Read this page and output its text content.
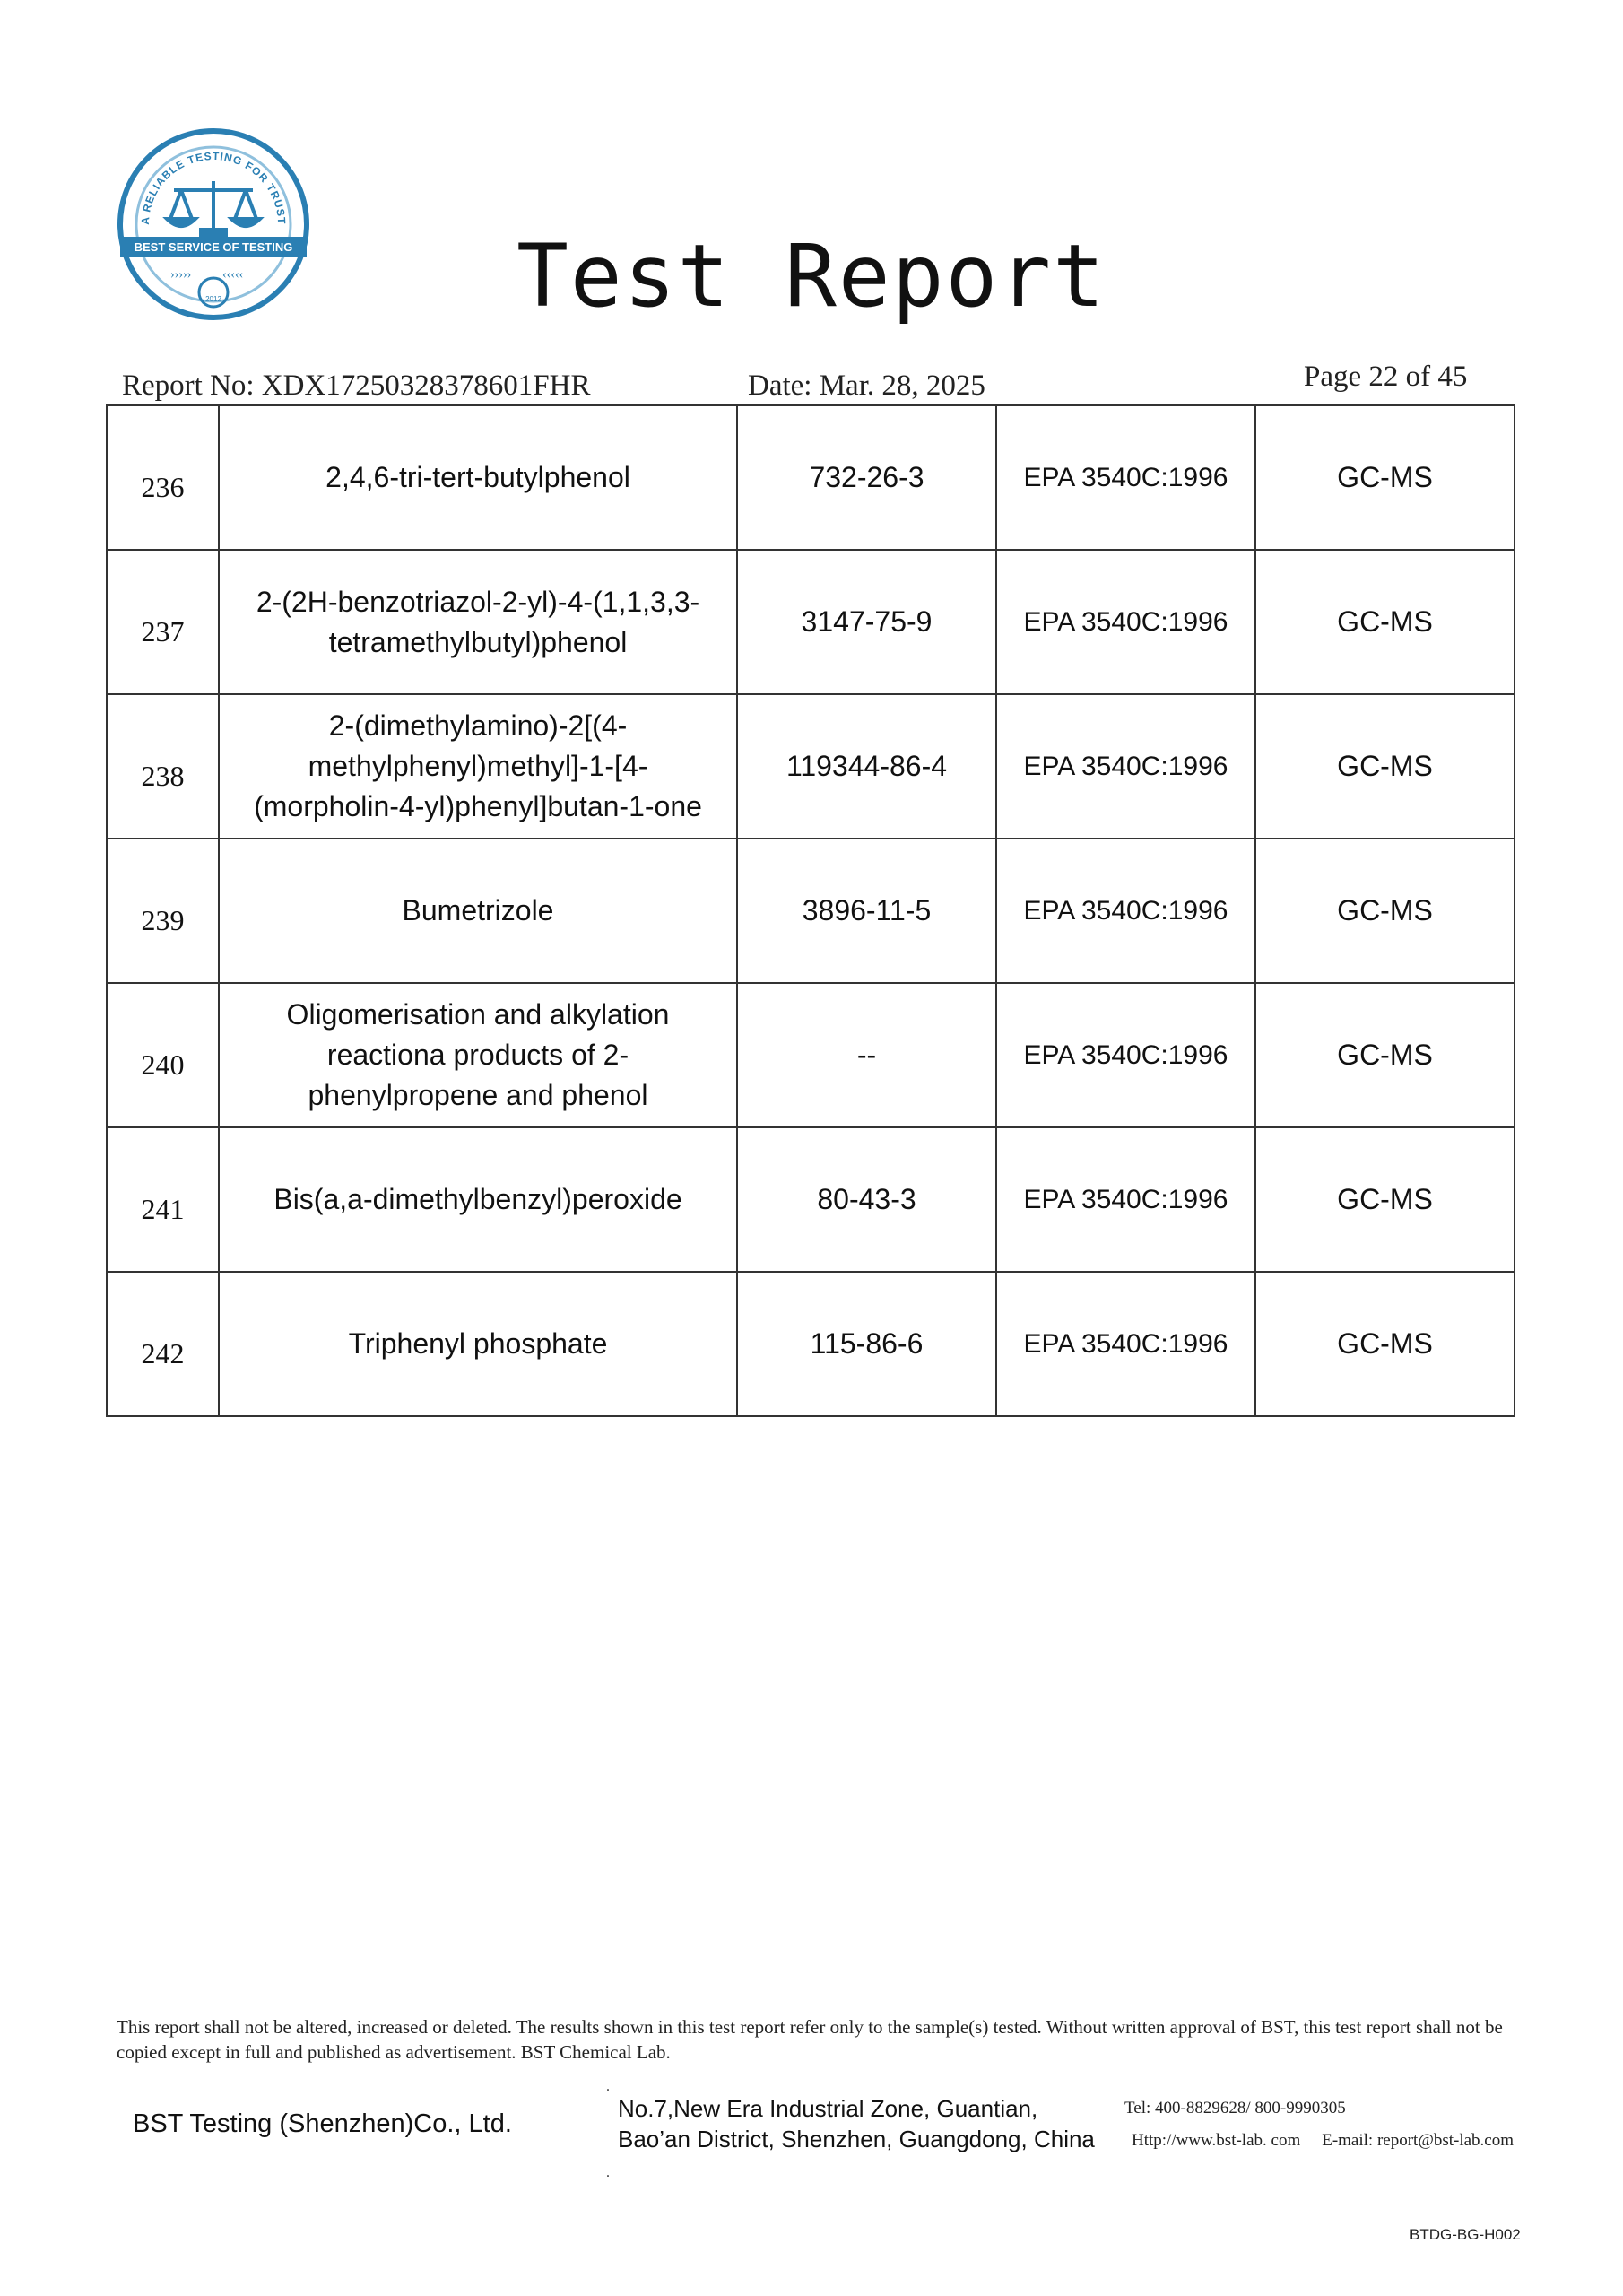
A RELIABLE TESTING FOR TRUST
BEST SERVICE OF TESTING
››››› ‹‹‹‹‹
2012	Test Report
Report No: XDX17250328378601FHR	Date: Mar. 28, 2025	Page 22 of 45
236	2,4,6-tri-tert-butylphenol	732-26-3	EPA 3540C:1996	GC-MS
237	2-(2H-benzotriazol-2-yl)-4-(1,1,3,3-
tetramethylbutyl)phenol	3147-75-9	EPA 3540C:1996	GC-MS
238	2-(dimethylamino)-2[(4-
methylphenyl)methyl]-1-[4-
(morpholin-4-yl)phenyl]butan-1-one	119344-86-4	EPA 3540C:1996	GC-MS
239	Bumetrizole	3896-11-5	EPA 3540C:1996	GC-MS
240	Oligomerisation and alkylation
reactiona products of 2-
phenylpropene and phenol	--	EPA 3540C:1996	GC-MS
241	Bis(a,a-dimethylbenzyl)peroxide	80-43-3	EPA 3540C:1996	GC-MS
242	Triphenyl phosphate	115-86-6	EPA 3540C:1996	GC-MS
This report shall not be altered, increased or deleted. The results shown in this test report refer only to the sample(s) tested. Without written approval of BST, this test report shall not be copied except in full and published as advertisement. BST Chemical Lab.
BST Testing (Shenzhen)Co., Ltd.
.
No.7,New Era Industrial Zone, Guantian,
Bao’an District, Shenzhen, Guangdong, China
.
Tel: 400-8829628/ 800-9990305
Http://www.bst-lab. com E-mail: report@bst-lab.com
BTDG-BG-H002
